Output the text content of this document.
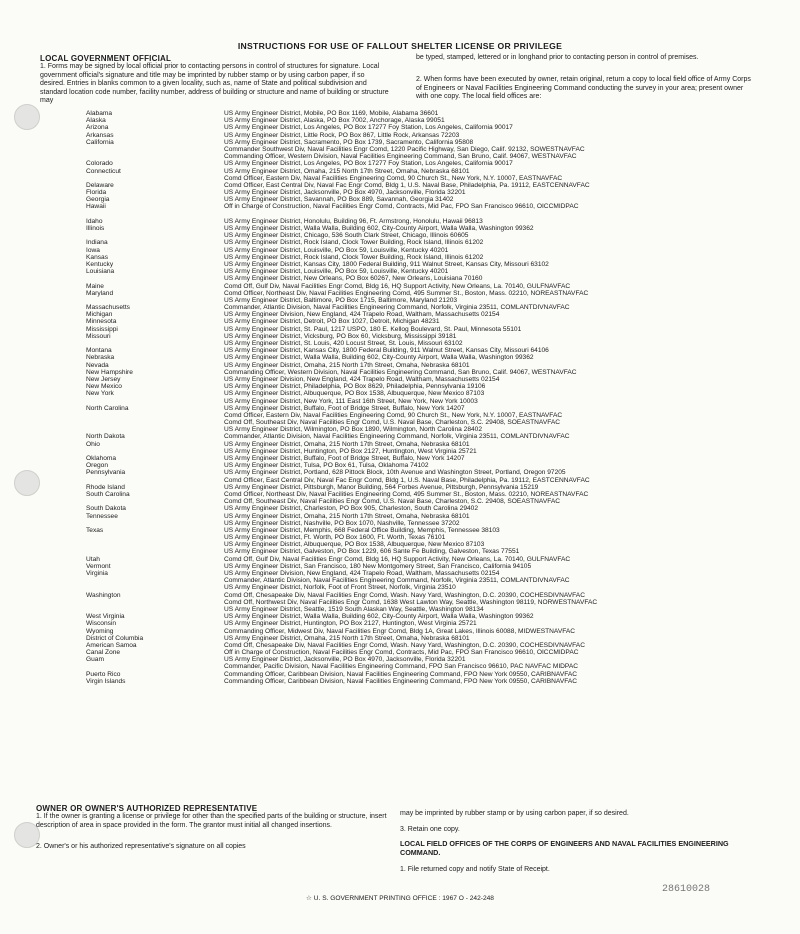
INSTRUCTIONS FOR USE OF FALLOUT SHELTER LICENSE OR PRIVILEGE
LOCAL GOVERNMENT OFFICIAL

1. Forms may be signed by local official prior to contacting persons in control of structures for signature. Local government official's signature and title may be imprinted by rubber stamp or by using carbon paper, if so desired. Entries in blanks common to a given locality, such as, name of State and political subdivision and standard location code number, facility number, address of building or structure and name of building or structure may

be typed, stamped, lettered or in longhand prior to contacting person in control of premises.

2. When forms have been executed by owner, retain original, return a copy to local field office of Army Corps of Engineers or Naval Facilities Engineering Command conducting the survey in your area; present owner with one copy. The local field offices are:

Alabama	US Army Engineer District, Mobile, PO Box 1169, Mobile, Alabama 36601
Alaska	US Army Engineer District, Alaska, PO Box 7002, Anchorage, Alaska 99051
Arizona	US Army Engineer District, Los Angeles, PO Box 17277 Foy Station, Los Angeles, California 90017
Arkansas	US Army Engineer District, Little Rock, PO Box 867, Little Rock, Arkansas 72203
California	US Army Engineer District, Sacramento, PO Box 1739, Sacramento, California 95808
Commander Southwest Div, Naval Facilities Engr Comd, 1220 Pacific Highway, San Diego, Calif. 92132, SOWESTNAVFAC
Commanding Officer, Western Division, Naval Facilities Engineering Command, San Bruno, Calif. 94067, WESTNAVFAC
Colorado	US Army Engineer District, Los Angeles, PO Box 17277 Foy Station, Los Angeles, California 90017
Connecticut	US Army Engineer District, Omaha, 215 North 17th Street, Omaha, Nebraska 68101
Comd Officer, Eastern Div, Naval Facilities Engineering Comd, 90 Church St., New York, N.Y. 10007, EASTNAVFAC
Delaware	Comd Officer, East Central Div, Naval Fac Engr Comd, Bldg 1, U.S. Naval Base, Philadelphia, Pa. 19112, EASTCENNAVFAC
Florida	US Army Engineer District, Jacksonville, PO Box 4970, Jacksonville, Florida 32201
Georgia	US Army Engineer District, Savannah, PO Box 889, Savannah, Georgia 31402
Hawaii	Off in Charge of Construction, Naval Facilities Engr Comd, Contracts, Mid Pac, FPO San Francisco 96610, OICCMIDPAC
Idaho	US Army Engineer District, Honolulu, Building 96, Ft. Armstrong, Honolulu, Hawaii 96813
Illinois	US Army Engineer District, Walla Walla, Building 602, City-County Airport, Walla Walla, Washington 99362
US Army Engineer District, Chicago, 536 South Clark Street, Chicago, Illinois 60605
Indiana	US Army Engineer District, Rock Island, Clock Tower Building, Rock Island, Illinois 61202
Iowa	US Army Engineer District, Louisville, PO Box 59, Louisville, Kentucky 40201
Kansas	US Army Engineer District, Rock Island, Clock Tower Building, Rock Island, Illinois 61202
Kentucky	US Army Engineer District, Kansas City, 1800 Federal Building, 911 Walnut Street, Kansas City, Missouri 63102
Louisiana	US Army Engineer District, Louisville, PO Box 59, Louisville, Kentucky 40201
US Army Engineer District, New Orleans, PO Box 60267, New Orleans, Louisiana 70160
Maine	Comd Off, Gulf Div, Naval Facilities Engr Comd, Bldg 16, HQ Support Activity, New Orleans, La. 70140, GULFNAVFAC
Maryland	Comd Officer, Northeast Div, Naval Facilities Engineering Comd, 495 Summer St., Boston, Mass. 02210, NOREASTNAVFAC
US Army Engineer District, Baltimore, PO Box 1715, Baltimore, Maryland 21203
Massachusetts	Commander, Atlantic Division, Naval Facilities Engineering Command, Norfolk, Virginia 23511, COMLANTDIVNAVFAC
Michigan	US Army Engineer Division, New England, 424 Trapelo Road, Waltham, Massachusetts 02154
Minnesota	US Army Engineer District, Detroit, PO Box 1027, Detroit, Michigan 48231
Mississippi	US Army Engineer District, St. Paul, 1217 USPO, 180 E. Kellog Boulevard, St. Paul, Minnesota 55101
Missouri	US Army Engineer District, Vicksburg, PO Box 60, Vicksburg, Mississippi 39181
US Army Engineer District, St. Louis, 420 Locust Street, St. Louis, Missouri 63102
Montana	US Army Engineer District, Kansas City, 1800 Federal Building, 911 Walnut Street, Kansas City, Missouri 64106
Nebraska	US Army Engineer District, Walla Walla, Building 602, City-County Airport, Walla Walla, Washington 99362
Nevada	US Army Engineer District, Omaha, 215 North 17th Street, Omaha, Nebraska 68101
New Hampshire	Commanding Officer, Western Division, Naval Facilities Engineering Command, San Bruno, Calif. 94067, WESTNAVFAC
New Jersey	US Army Engineer Division, New England, 424 Trapelo Road, Waltham, Massachusetts 02154
New Mexico	US Army Engineer District, Philadelphia, PO Box 8629, Philadelphia, Pennsylvania 19106
New York	US Army Engineer District, Albuquerque, PO Box 1538, Albuquerque, New Mexico 87103
US Army Engineer District, New York, 111 East 16th Street, New York, New York 10003
North Carolina	US Army Engineer District, Buffalo, Foot of Bridge Street, Buffalo, New York 14207
Comd Officer, Eastern Div, Naval Facilities Engineering Comd, 90 Church St., New York, N.Y. 10007, EASTNAVFAC
Comd Off, Southeast Div, Naval Facilities Engr Comd, U.S. Naval Base, Charleston, S.C. 29408, SOEASTNAVFAC
US Army Engineer District, Wilmington, PO Box 1890, Wilmington, North Carolina 28402
North Dakota	Commander, Atlantic Division, Naval Facilities Engineering Command, Norfolk, Virginia 23511, COMLANTDIVNAVFAC
Ohio	US Army Engineer District, Omaha, 215 North 17th Street, Omaha, Nebraska 68101
US Army Engineer District, Huntington, PO Box 2127, Huntington, West Virginia 25721
Oklahoma	US Army Engineer District, Buffalo, Foot of Bridge Street, Buffalo, New York 14207
Oregon	US Army Engineer District, Tulsa, PO Box 61, Tulsa, Oklahoma 74102
Pennsylvania	US Army Engineer District, Portland, 628 Pittock Block, 10th Avenue and Washington Street, Portland, Oregon 97205
Comd Officer, East Central Div, Naval Fac Engr Comd, Bldg 1, U.S. Naval Base, Philadelphia, Pa. 19112, EASTCENNAVFAC
Rhode Island	US Army Engineer District, Pittsburgh, Manor Building, 564 Forbes Avenue, Pittsburgh, Pennsylvania 15219
South Carolina	Comd Officer, Northeast Div, Naval Facilities Engineering Comd, 495 Summer St., Boston, Mass. 02210, NOREASTNAVFAC
Comd Off, Southeast Div, Naval Facilities Engr Comd, U.S. Naval Base, Charleston, S.C. 29408, SOEASTNAVFAC
South Dakota	US Army Engineer District, Charleston, PO Box 905, Charleston, South Carolina 29402
Tennessee	US Army Engineer District, Omaha, 215 North 17th Street, Omaha, Nebraska 68101
US Army Engineer District, Nashville, PO Box 1070, Nashville, Tennessee 37202
Texas	US Army Engineer District, Memphis, 668 Federal Office Building, Memphis, Tennessee 38103
US Army Engineer District, Ft. Worth, PO Box 1600, Ft. Worth, Texas 76101
US Army Engineer District, Albuquerque, PO Box 1538, Albuquerque, New Mexico 87103
US Army Engineer District, Galveston, PO Box 1229, 606 Sante Fe Building, Galveston, Texas 77551
Utah	Comd Off, Gulf Div, Naval Facilities Engr Comd, Bldg 16, HQ Support Activity, New Orleans, La. 70140, GULFNAVFAC
Vermont	US Army Engineer District, San Francisco, 180 New Montgomery Street, San Francisco, California 94105
Virginia	US Army Engineer Division, New England, 424 Trapelo Road, Waltham, Massachusetts 02154
Commander, Atlantic Division, Naval Facilities Engineering Command, Norfolk, Virginia 23511, COMLANTDIVNAVFAC
US Army Engineer District, Norfolk, Foot of Front Street, Norfolk, Virginia 23510
Washington	Comd Off, Chesapeake Div, Naval Facilities Engr Comd, Wash. Navy Yard, Washington, D.C. 20390, COCHESDIVNAVFAC
Comd Off, Northwest Div, Naval Facilities Engr Comd, 1638 West Lawton Way, Seattle, Washington 98119, NORWESTNAVFAC
US Army Engineer District, Seattle, 1519 South Alaskan Way, Seattle, Washington 98134
West Virginia	US Army Engineer District, Walla Walla, Building 602, City-County Airport, Walla Walla, Washington 99362
Wisconsin	US Army Engineer District, Huntington, PO Box 2127, Huntington, West Virginia 25721
Wyoming	Commanding Officer, Midwest Div, Naval Facilities Engr Comd, Bldg 1A, Great Lakes, Illinois 60088, MIDWESTNAVFAC
District of Columbia	US Army Engineer District, Omaha, 215 North 17th Street, Omaha, Nebraska 68101
American Samoa	Comd Off, Chesapeake Div, Naval Facilities Engr Comd, Wash. Navy Yard, Washington, D.C. 20390, COCHESDIVNAVFAC
Canal Zone	Off in Charge of Construction, Naval Facilities Engr Comd, Contracts, Mid Pac, FPO San Francisco 96610, OICCMIDPAC
Guam	US Army Engineer District, Jacksonville, PO Box 4970, Jacksonville, Florida 32201
Commander, Pacific Division, Naval Facilities Engineering Command, FPO San Francisco 96610, PAC NAVFAC MIDPAC
Puerto Rico	Commanding Officer, Caribbean Division, Naval Facilities Engineering Command, FPO New York 09550, CARIBNAVFAC
Virgin Islands	Commanding Officer, Caribbean Division, Naval Facilities Engineering Command, FPO New York 09550, CARIBNAVFAC
OWNER OR OWNER'S AUTHORIZED REPRESENTATIVE

1. If the owner is granting a license or privilege for other than the specified parts of the building or structure, insert description of area in space provided in the form. The grantor must initial all changed insertions.

2. Owner's or his authorized representative's signature on all copies

may be imprinted by rubber stamp or by using carbon paper, if so desired.

3. Retain one copy.

LOCAL FIELD OFFICES OF THE CORPS OF ENGINEERS AND NAVAL FACILITIES ENGINEERING COMMAND.

1. File returned copy and notify State of Receipt.

28610028
☆ U. S. GOVERNMENT PRINTING OFFICE : 1967 O - 242-248
